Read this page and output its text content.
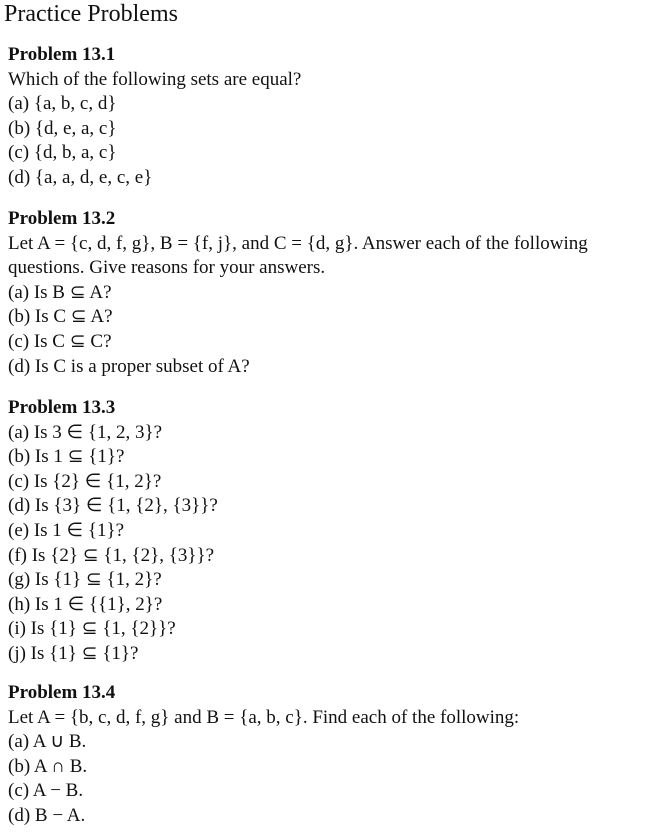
Practice Problems
Problem 13.1
Which of the following sets are equal?
(a) {a, b, c, d}
(b) {d, e, a, c}
(c) {d, b, a, c}
(d) {a, a, d, e, c, e}
Problem 13.2
Let A = {c, d, f, g}, B = {f, j}, and C = {d, g}. Answer each of the following
questions. Give reasons for your answers.
(a) Is B ⊆ A?
(b) Is C ⊆ A?
(c) Is C ⊆ C?
(d) Is C is a proper subset of A?
Problem 13.3
(a) Is 3 ∈ {1, 2, 3}?
(b) Is 1 ⊆ {1}?
(c) Is {2} ∈ {1, 2}?
(d) Is {3} ∈ {1, {2}, {3}}?
(e) Is 1 ∈ {1}?
(f) Is {2} ⊆ {1, {2}, {3}}?
(g) Is {1} ⊆ {1, 2}?
(h) Is 1 ∈ {{1}, 2}?
(i) Is {1} ⊆ {1, {2}}?
(j) Is {1} ⊆ {1}?
Problem 13.4
Let A = {b, c, d, f, g} and B = {a, b, c}. Find each of the following:
(a) A ∪ B.
(b) A ∩ B.
(c) A − B.
(d) B − A.
